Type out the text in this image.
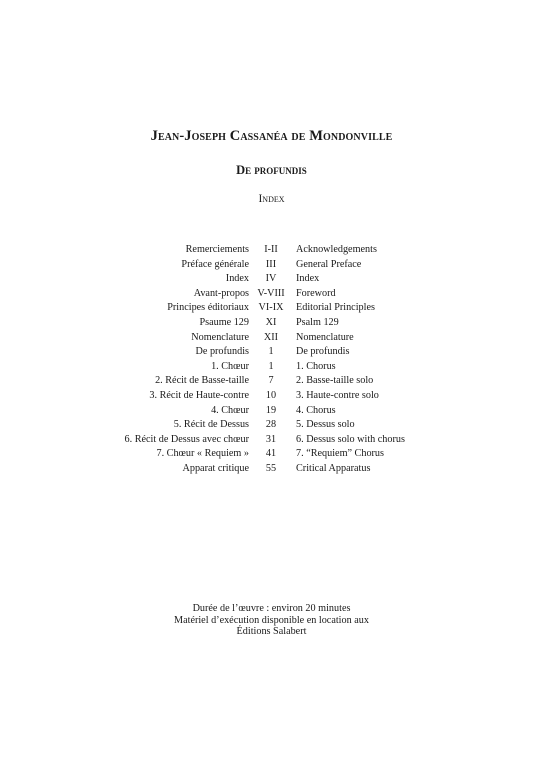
Jean-Joseph Cassanéa de Mondonville
De profundis
Index
Remerciements	I-II	Acknowledgements
Préface générale	III	General Preface
Index	IV	Index
Avant-propos V-VIII	Foreword
Principes éditoriaux VI-IX	Editorial Principles
Psaume 129	XI	Psalm 129
Nomenclature	XII	Nomenclature
De profundis	1	De profundis
1. Chœur	1	1. Chorus
2. Récit de Basse-taille	7	2. Basse-taille solo
3. Récit de Haute-contre	10	3. Haute-contre solo
4. Chœur	19	4. Chorus
5. Récit de Dessus	28	5. Dessus solo
6. Récit de Dessus avec chœur	31	6. Dessus solo with chorus
7. Chœur « Requiem »	41	7. “Requiem” Chorus
Apparat critique	55	Critical Apparatus
Durée de l’œuvre : environ 20 minutes
Matériel d’exécution disponible en location aux
Éditions Salabert
